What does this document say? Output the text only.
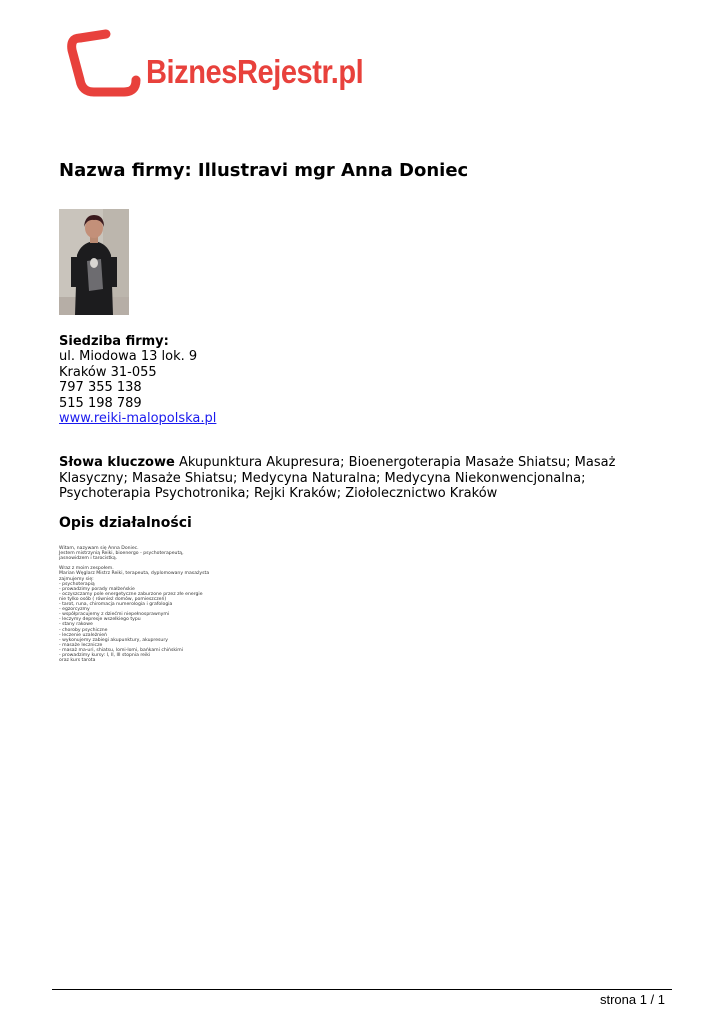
BiznesRejestr.pl
Nazwa firmy: Illustravi mgr Anna Doniec
Siedziba firmy:
ul. Miodowa 13 lok. 9
Kraków 31-055
797 355 138
515 198 789
www.reiki-malopolska.pl
Słowa kluczowe Akupunktura Akupresura; Bioenergoterapia Masaże Shiatsu; Masaż Klasyczny; Masaże Shiatsu; Medycyna Naturalna; Medycyna Niekonwencjonalna; Psychoterapia Psychotronika; Rejki Kraków; Ziołolecznictwo Kraków
Opis działalności
Witam, nazywam się Anna Doniec.
Jestem mistrzynią Reiki, bioenergo - psychoterapeutą,
jasnowidzem i tarocistką.

Wraz z moim zespołem.
Marian Węglarz Mistrz Reiki, terapeuta, dyplomowany masażysta
zajmujemy się:
- psychoterapią
- prowadzimy porady małżeńskie
- oczyszczamy pole energetyczne zaburzone przez złe energie
nie tylko osób ( również domów, pomieszczeń)
- tarot, runa, chiromacja numerologia i grafologia
- egzorcyzmy
- współpracujemy z dziećmi niepełnosprawnymi
- leczymy depresje wszelkiego typu
- stany rakowe
- choroby psychiczne
- leczenie uzależnień
- wykonujemy zabiegi akupunktury, akupresury
- masaże lecznicze
- masaż ma-uri, shiatsu, lomi-lomi, bańkami chińskimi
- prowadzimy kursy: I, II, III stopnia reiki
oraz kurs tarota
strona 1 / 1
